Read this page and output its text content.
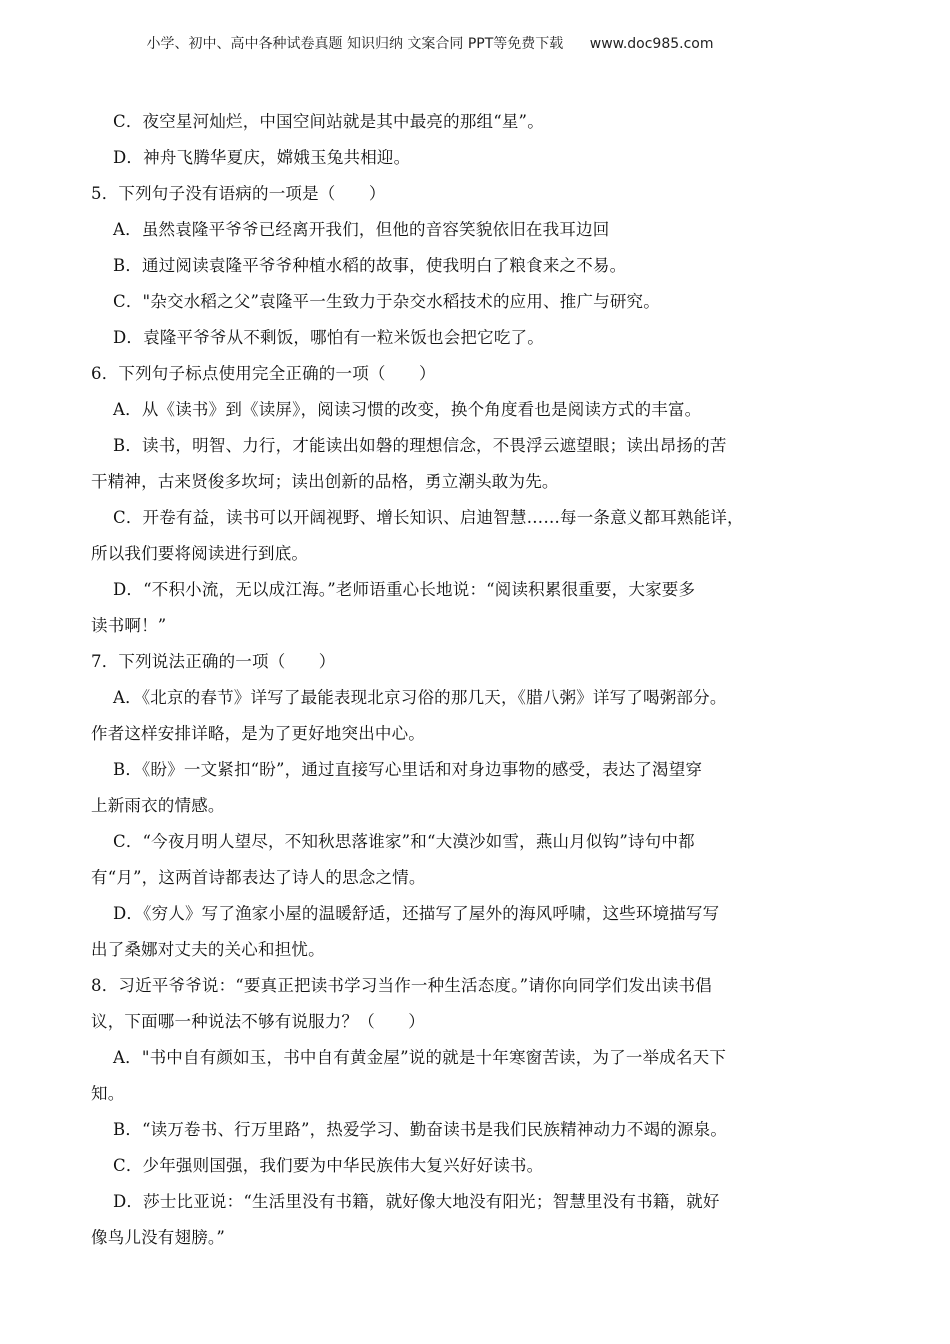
小学、初中、高中各种试卷真题 知识归纳 文案合同 PPT等免费下载 www.doc985.com
C．夜空星河灿烂，中国空间站就是其中最亮的那组“星”。
D．神舟飞腾华夏庆，嫦娥玉兔共相迎。
5．下列句子没有语病的一项是（　　）
A．虽然袁隆平爷爷已经离开我们，但他的音容笑貌依旧在我耳边回
B．通过阅读袁隆平爷爷种植水稻的故事，使我明白了粮食来之不易。
C．"杂交水稻之父”袁隆平一生致力于杂交水稻技术的应用、推广与研究。
D．袁隆平爷爷从不剩饭，哪怕有一粒米饭也会把它吃了。
6．下列句子标点使用完全正确的一项（　　）
A．从《读书》到《读屏》，阅读习惯的改变，换个角度看也是阅读方式的丰富。
B．读书，明智、力行，才能读出如磐的理想信念，不畏浮云遮望眼；读出昂扬的苦
干精神，古来贤俊多坎坷；读出创新的品格，勇立潮头敢为先。
C．开卷有益，读书可以开阔视野、增长知识、启迪智慧……每一条意义都耳熟能详，
所以我们要将阅读进行到底。
D．“不积小流，无以成江海。”老师语重心长地说：“阅读积累很重要，大家要多
读书啊！”
7．下列说法正确的一项（　　）
A．《北京的春节》详写了最能表现北京习俗的那几天，《腊八粥》详写了喝粥部分。
作者这样安排详略，是为了更好地突出中心。
B．《盼》一文紧扣“盼”，通过直接写心里话和对身边事物的感受，表达了渴望穿
上新雨衣的情感。
C．“今夜月明人望尽，不知秋思落谁家”和“大漠沙如雪，燕山月似钩”诗句中都
有“月”，这两首诗都表达了诗人的思念之情。
D．《穷人》写了渔家小屋的温暖舒适，还描写了屋外的海风呼啸，这些环境描写写
出了桑娜对丈夫的关心和担忧。
8．习近平爷爷说：“要真正把读书学习当作一种生活态度。”请你向同学们发出读书倡
议，下面哪一种说法不够有说服力？（　　）
A．"书中自有颜如玉，书中自有黄金屋”说的就是十年寒窗苦读，为了一举成名天下
知。
B．“读万卷书、行万里路”，热爱学习、勤奋读书是我们民族精神动力不竭的源泉。
C．少年强则国强，我们要为中华民族伟大复兴好好读书。
D．莎士比亚说：“生活里没有书籍，就好像大地没有阳光；智慧里没有书籍，就好
像鸟儿没有翅膀。”
